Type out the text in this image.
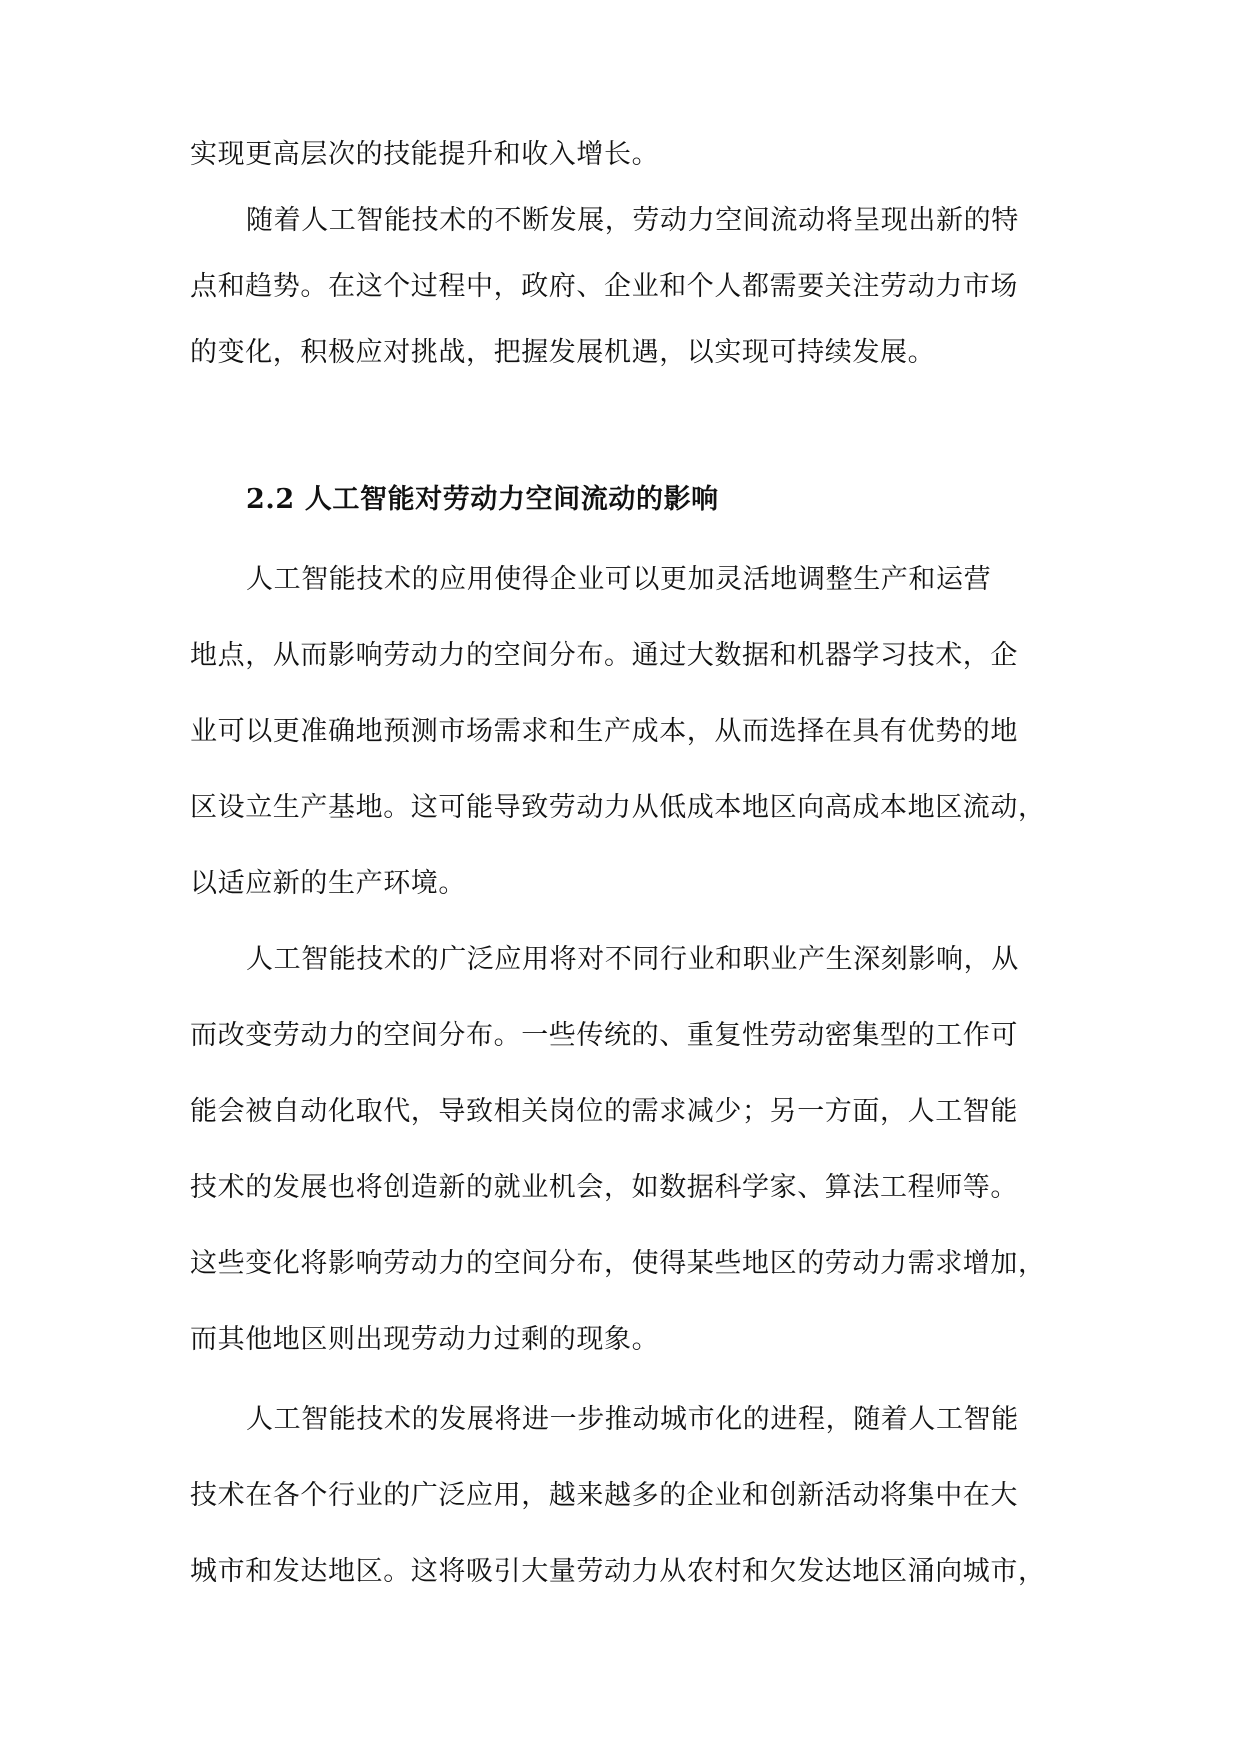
实现更高层次的技能提升和收入增长。
随着人工智能技术的不断发展，劳动力空间流动将呈现出新的特
点和趋势。在这个过程中，政府、企业和个人都需要关注劳动力市场
的变化，积极应对挑战，把握发展机遇，以实现可持续发展。
2.2 人工智能对劳动力空间流动的影响
人工智能技术的应用使得企业可以更加灵活地调整生产和运营
地点，从而影响劳动力的空间分布。通过大数据和机器学习技术，企
业可以更准确地预测市场需求和生产成本，从而选择在具有优势的地
区设立生产基地。这可能导致劳动力从低成本地区向高成本地区流动，
以适应新的生产环境。
人工智能技术的广泛应用将对不同行业和职业产生深刻影响，从
而改变劳动力的空间分布。一些传统的、重复性劳动密集型的工作可
能会被自动化取代，导致相关岗位的需求减少；另一方面，人工智能
技术的发展也将创造新的就业机会，如数据科学家、算法工程师等。
这些变化将影响劳动力的空间分布，使得某些地区的劳动力需求增加，
而其他地区则出现劳动力过剩的现象。
人工智能技术的发展将进一步推动城市化的进程，随着人工智能
技术在各个行业的广泛应用，越来越多的企业和创新活动将集中在大
城市和发达地区。这将吸引大量劳动力从农村和欠发达地区涌向城市，
